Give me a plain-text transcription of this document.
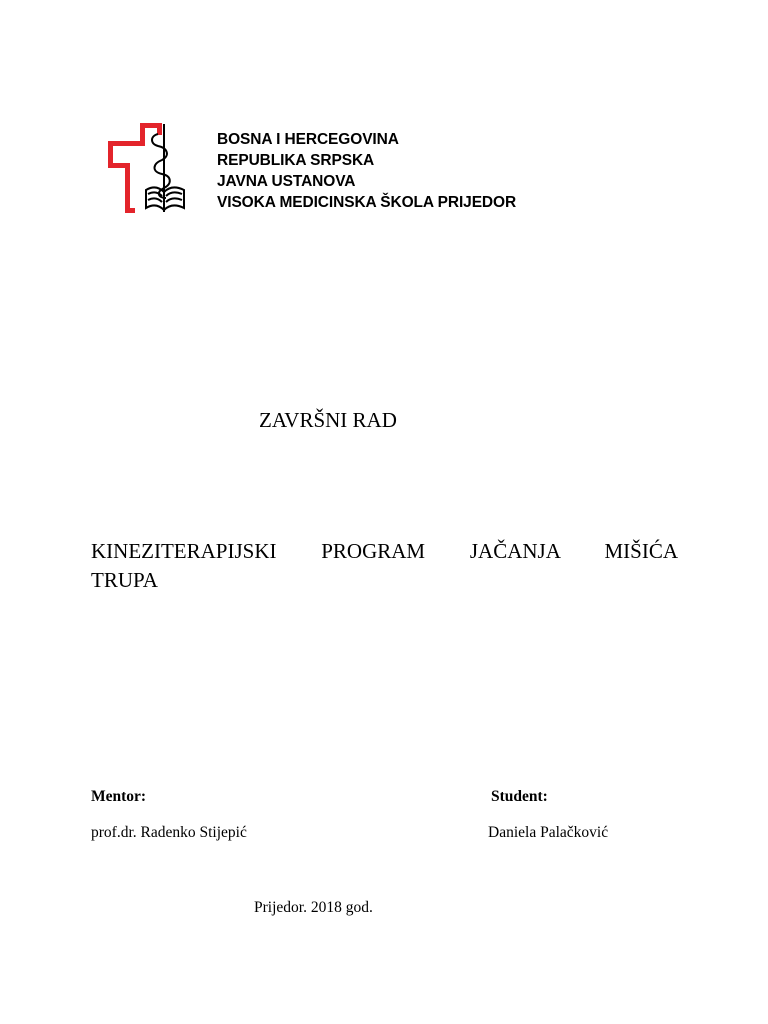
BOSNA I HERCEGOVINA
REPUBLIKA SRPSKA
JAVNA USTANOVA
VISOKA MEDICINSKA ŠKOLA PRIJEDOR
ZAVRŠNI RAD
KINEZITERAPIJSKI PROGRAM JAČANJA MIŠIĆA
TRUPA
Mentor:	Student:
prof.dr. Radenko Stijepić	Daniela Palačković
Prijedor. 2018 god.
